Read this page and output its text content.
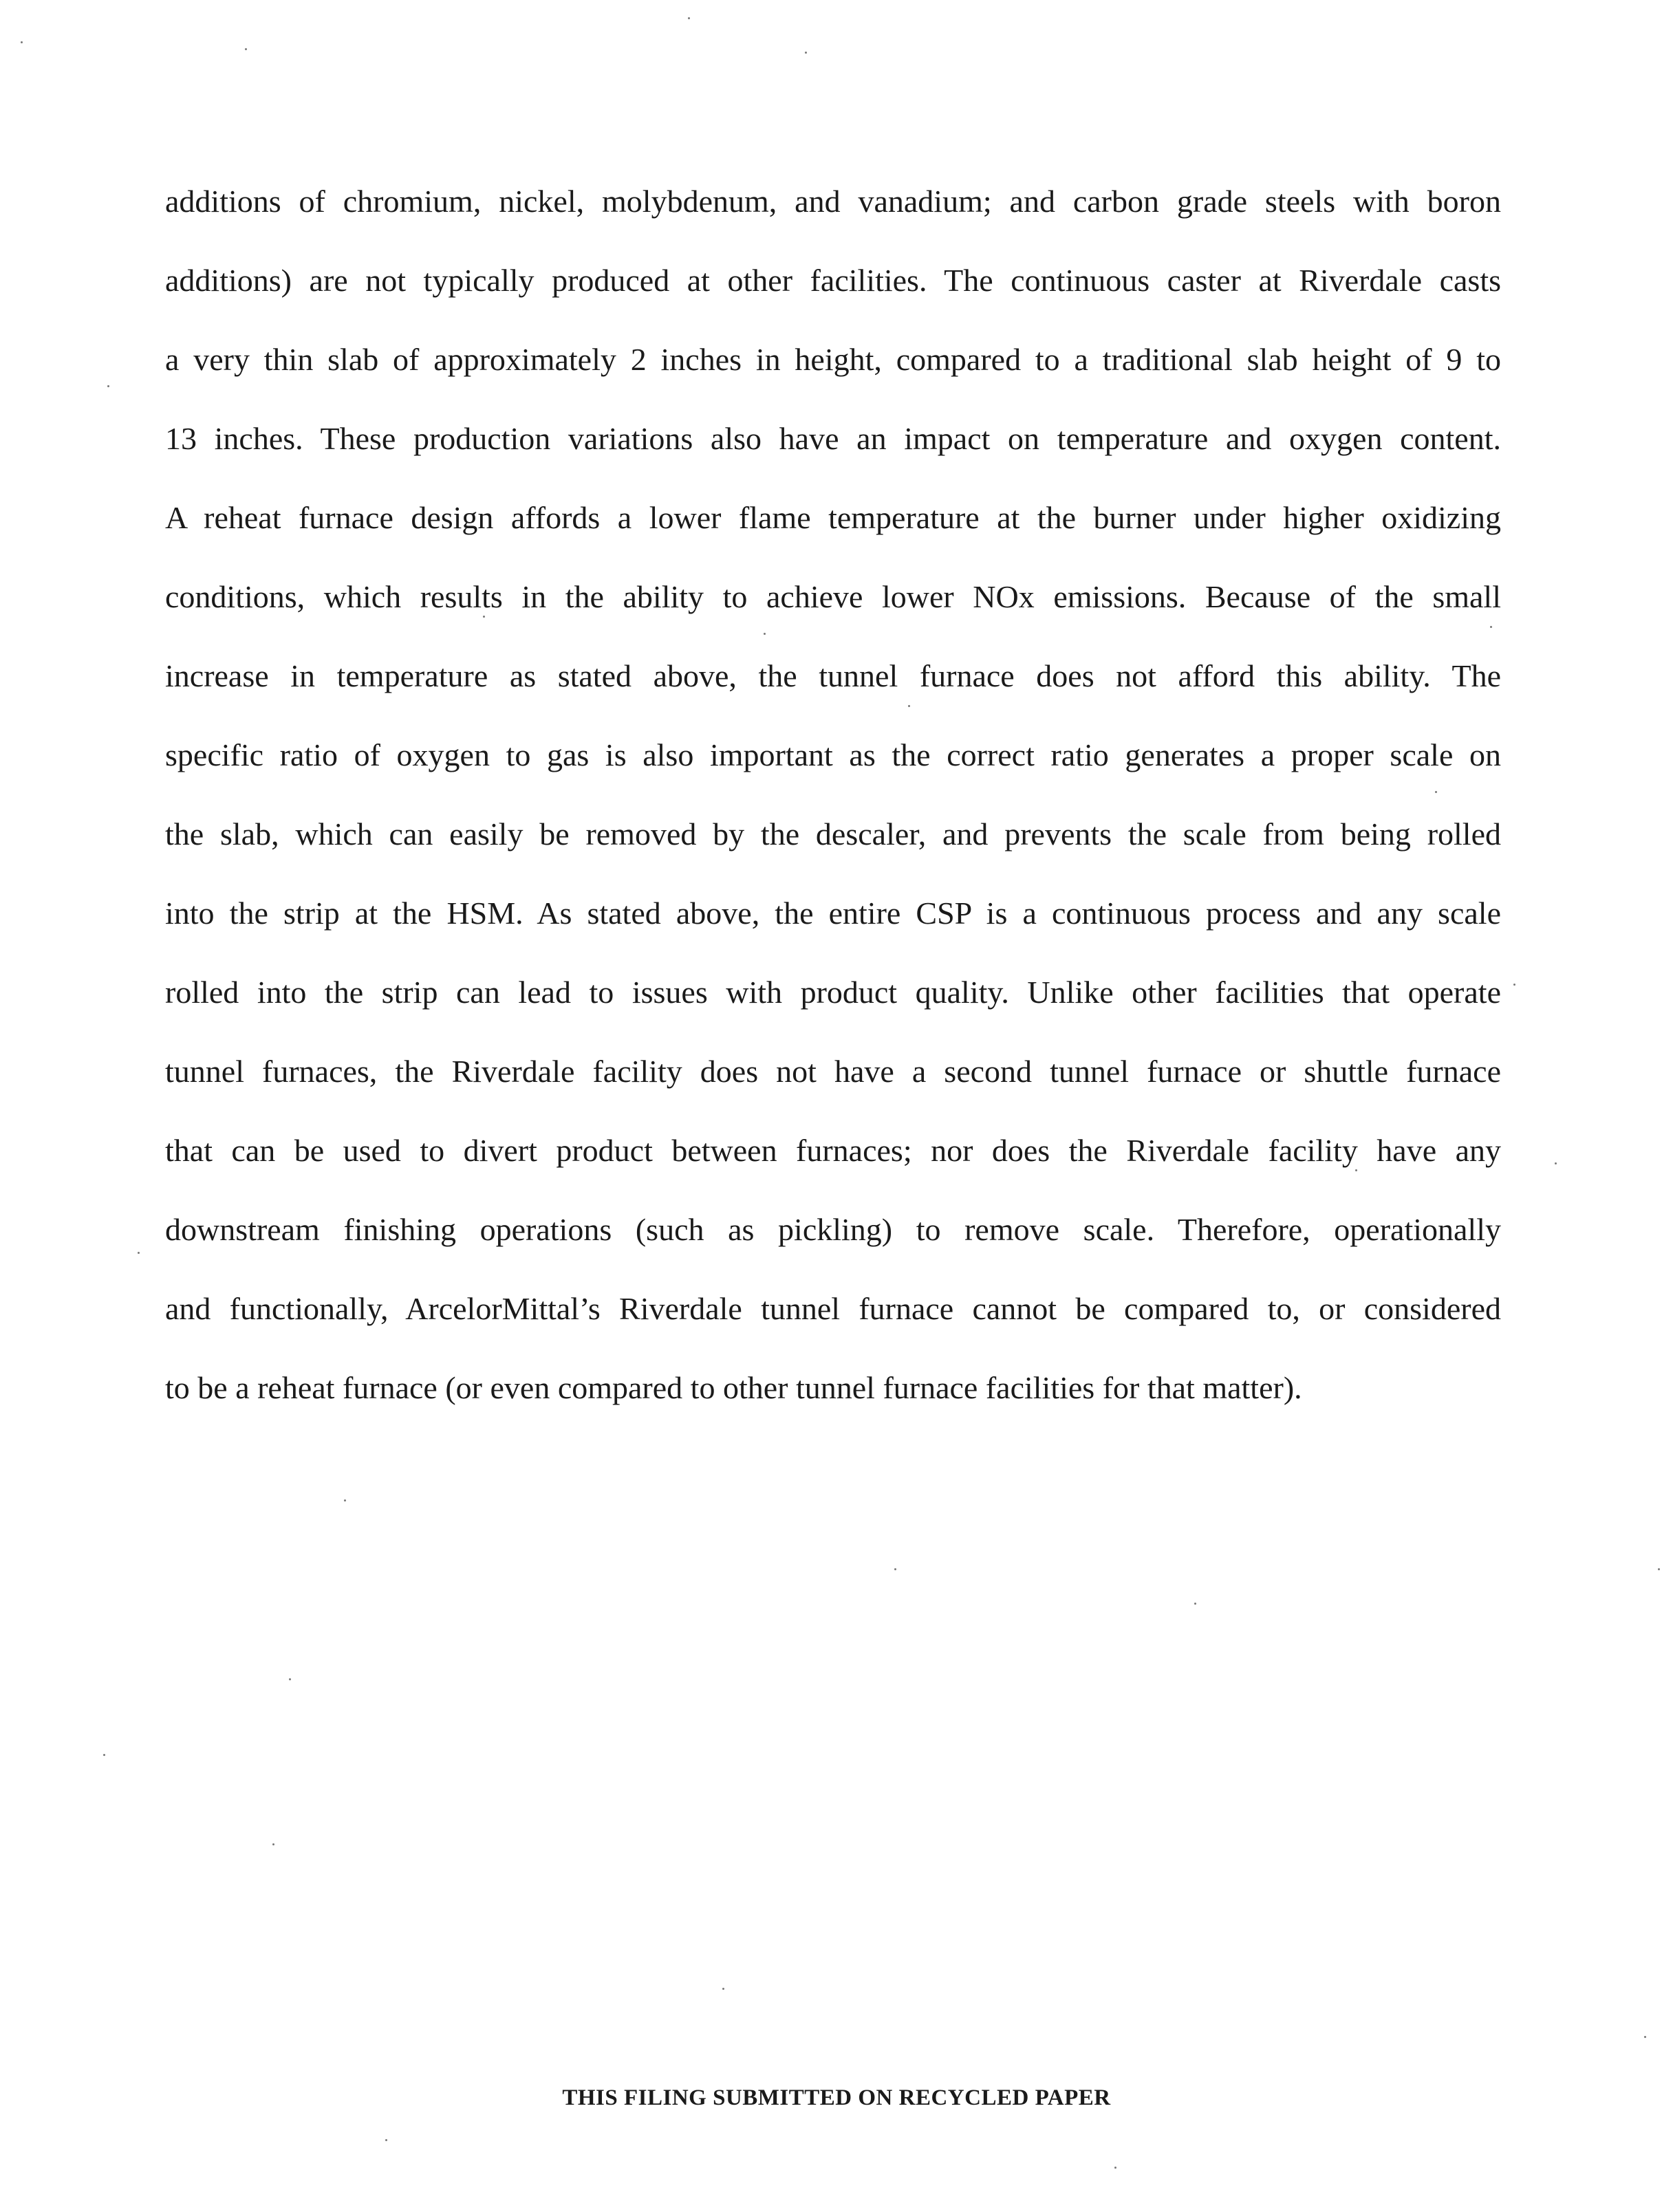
additions of chromium, nickel, molybdenum, and vanadium; and carbon grade steels with boron
additions) are not typically produced at other facilities. The continuous caster at Riverdale casts
a very thin slab of approximately 2 inches in height, compared to a traditional slab height of 9 to
13 inches. These production variations also have an impact on temperature and oxygen content.
A reheat furnace design affords a lower flame temperature at the burner under higher oxidizing
conditions, which results in the ability to achieve lower NOx emissions. Because of the small
increase in temperature as stated above, the tunnel furnace does not afford this ability. The
specific ratio of oxygen to gas is also important as the correct ratio generates a proper scale on
the slab, which can easily be removed by the descaler, and prevents the scale from being rolled
into the strip at the HSM. As stated above, the entire CSP is a continuous process and any scale
rolled into the strip can lead to issues with product quality. Unlike other facilities that operate
tunnel furnaces, the Riverdale facility does not have a second tunnel furnace or shuttle furnace
that can be used to divert product between furnaces; nor does the Riverdale facility have any
downstream finishing operations (such as pickling) to remove scale. Therefore, operationally
and functionally, ArcelorMittal’s Riverdale tunnel furnace cannot be compared to, or considered
to be a reheat furnace (or even compared to other tunnel furnace facilities for that matter).
THIS FILING SUBMITTED ON RECYCLED PAPER
